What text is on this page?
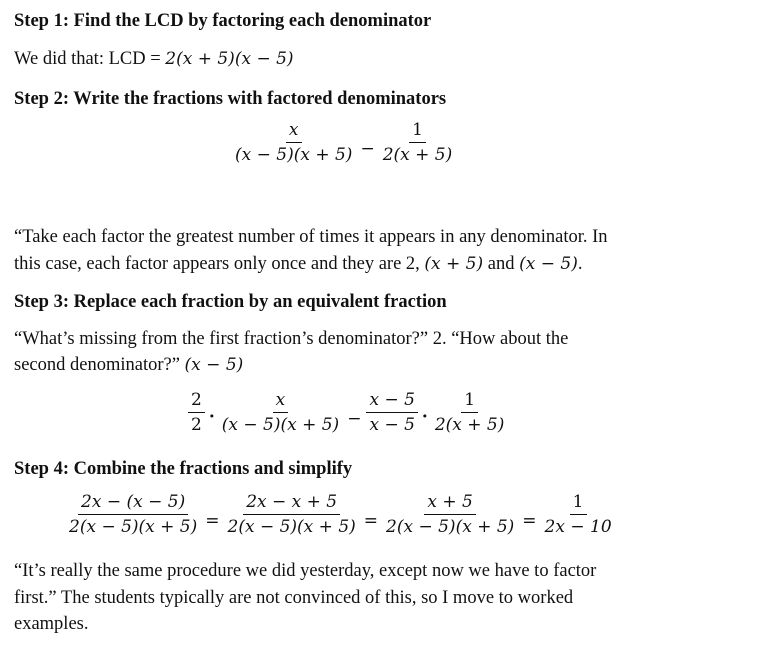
Step 1: Find the LCD by factoring each denominator
We did that: LCD = 2(x + 5)(x − 5)
Step 2: Write the fractions with factored denominators
$\frac{x}{(x - 5)(x + 5)} - \frac{1}{2(x + 5)}$
“Take each factor the greatest number of times it appears in any denominator. In
this case, each factor appears only once and they are 2, (x + 5) and (x − 5).
Step 3: Replace each fraction by an equivalent fraction
“What’s missing from the first fraction’s denominator?” 2. “How about the
second denominator?” (x − 5)
$\frac{2}{2} \cdot \frac{x}{(x - 5)(x + 5)} - \frac{x - 5}{x - 5} \cdot \frac{1}{2(x + 5)}$
Step 4: Combine the fractions and simplify
$\frac{2x - (x - 5)}{2(x - 5)(x + 5)} = \frac{2x - x + 5}{2(x - 5)(x + 5)} = \frac{x + 5}{2(x - 5)(x + 5)} = \frac{1}{2x - 10}$
“It’s really the same procedure we did yesterday, except now we have to factor
first.” The students typically are not convinced of this, so I move to worked
examples.
